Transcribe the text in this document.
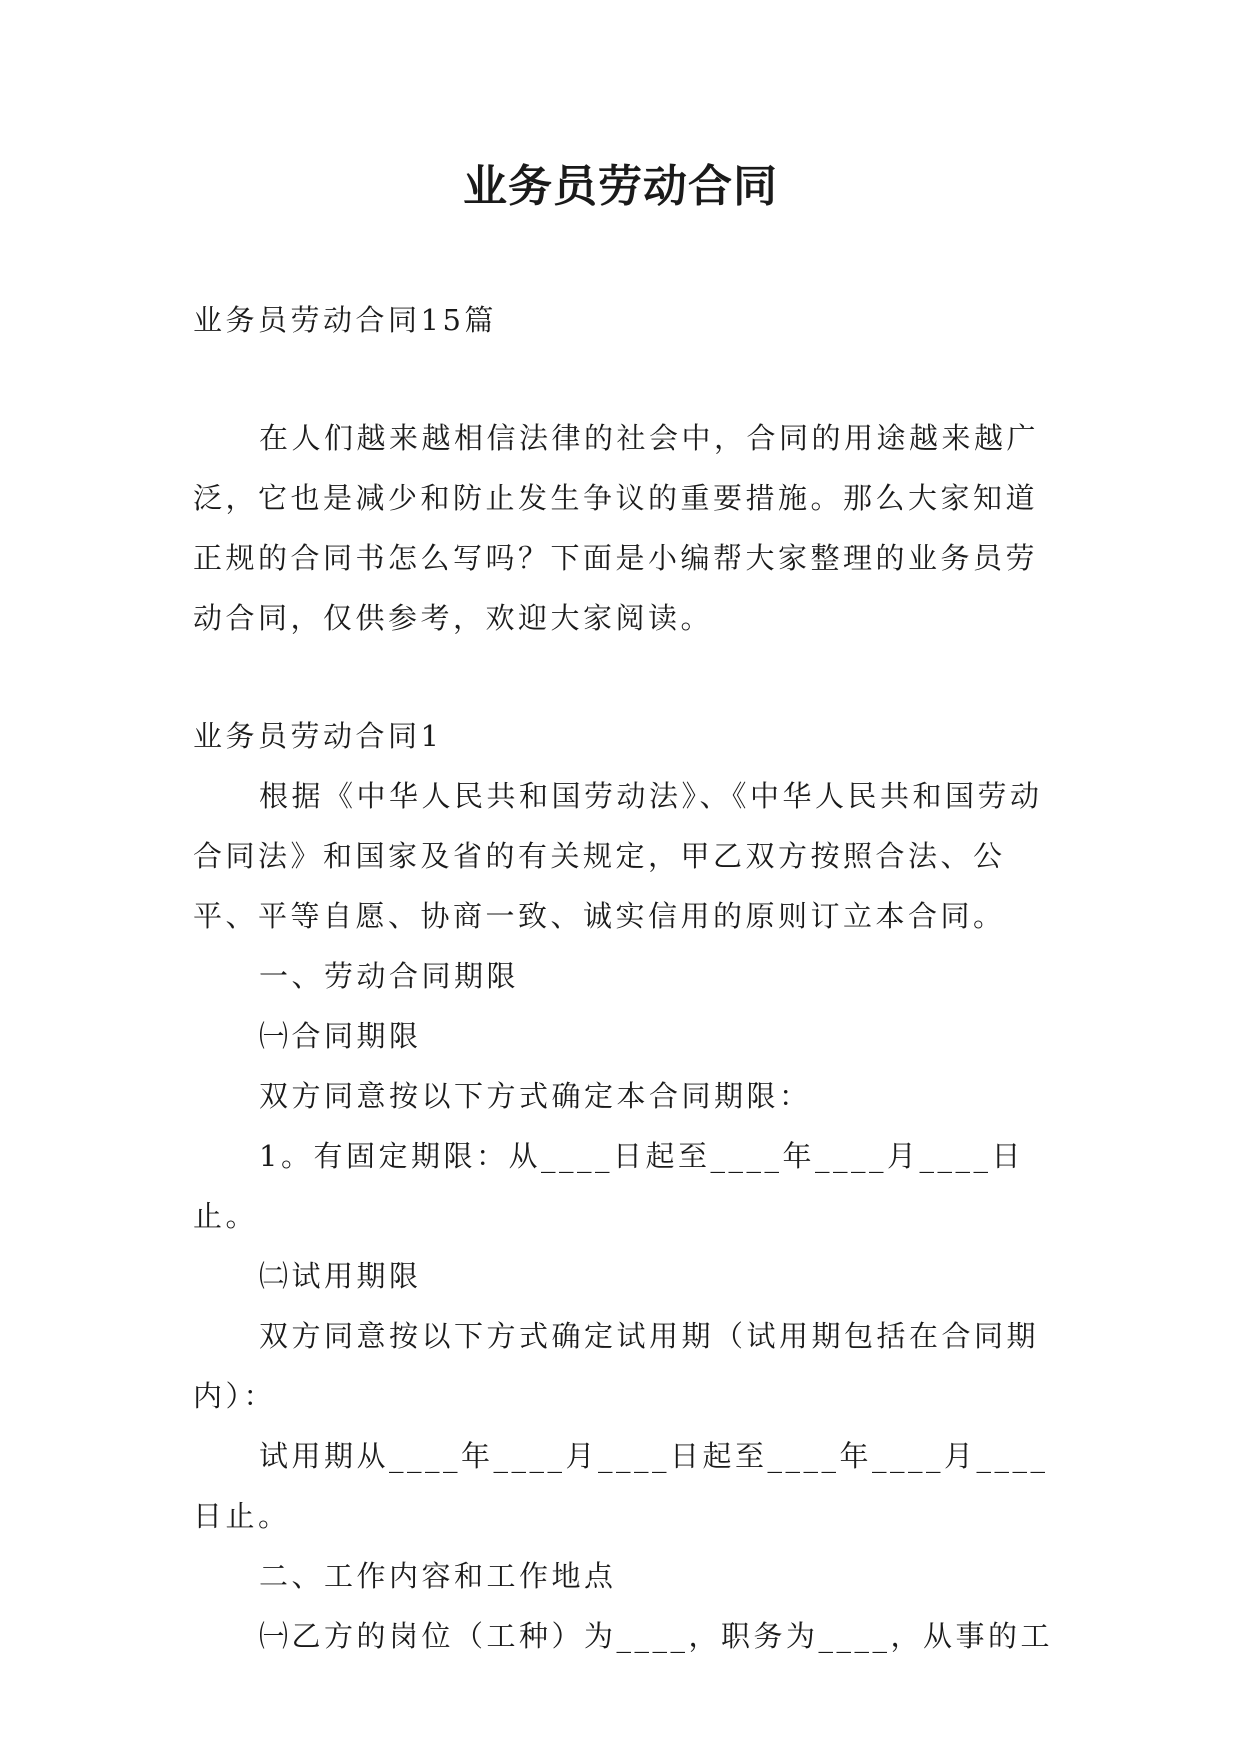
业务员劳动合同

业务员劳动合同15篇

在人们越来越相信法律的社会中，合同的用途越来越广泛，它也是减少和防止发生争议的重要措施。那么大家知道正规的合同书怎么写吗？下面是小编帮大家整理的业务员劳动合同，仅供参考，欢迎大家阅读。

业务员劳动合同1

根据《中华人民共和国劳动法》、《中华人民共和国劳动合同法》和国家及省的有关规定，甲乙双方按照合法、公平、平等自愿、协商一致、诚实信用的原则订立本合同。

一、劳动合同期限

㈠合同期限

双方同意按以下方式确定本合同期限：

1。有固定期限：从____日起至____年____月____日止。

㈡试用期限

双方同意按以下方式确定试用期（试用期包括在合同期内）：

试用期从____年____月____日起至____年____月____日止。

二、工作内容和工作地点

㈠乙方的岗位（工种）为____，职务为____，从事的工
